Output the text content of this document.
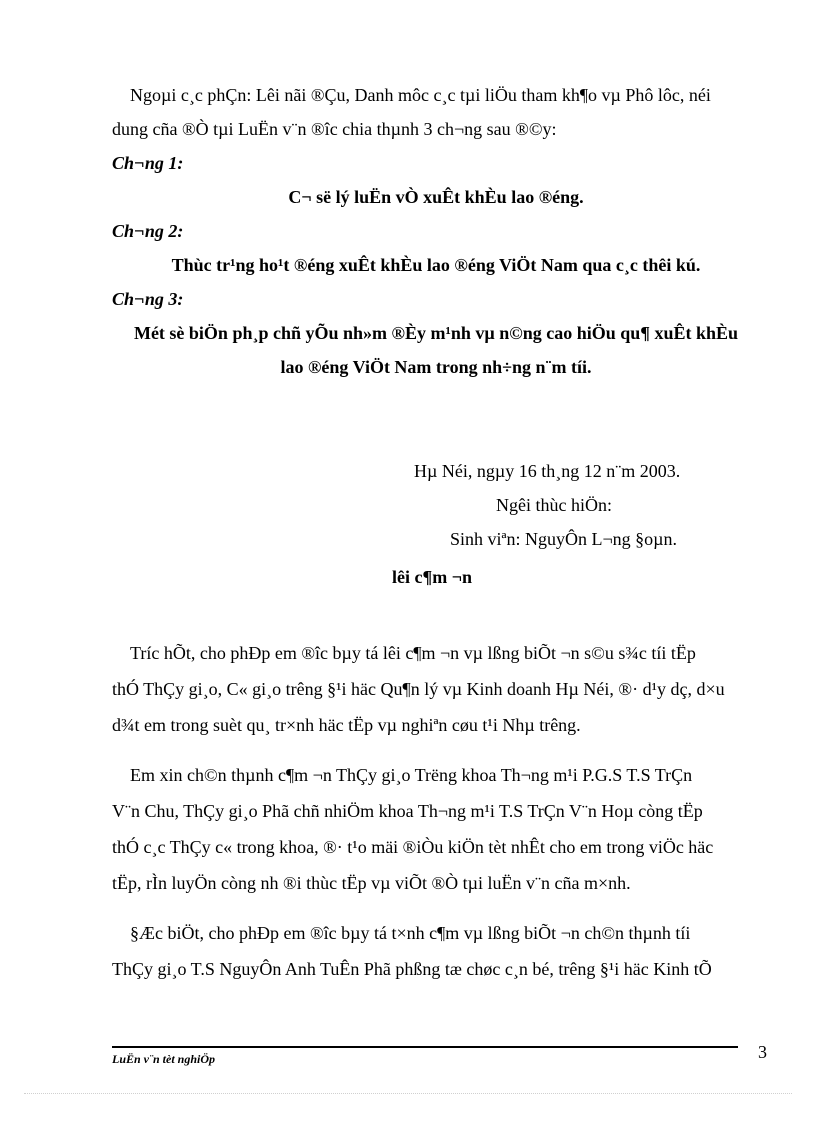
Ngoµi c¸c phÇn: Lêi nãi ®Çu, Danh môc c¸c tµi liÖu tham kh¶o vµ Phô lôc, néi
dung cña ®Ò tµi LuËn v¨n ®îc chia thµnh 3 ch¬ng sau ®©y:
Ch¬ng 1:
C¬ së lý luËn vÒ xuÊt khÈu lao ®éng.
Ch¬ng 2:
Thùc tr¹ng ho¹t ®éng xuÊt khÈu lao ®éng ViÖt Nam qua c¸c thêi kú.
Ch¬ng 3:
Mét sè biÖn ph¸p chñ yÕu nh»m ®Èy m¹nh vµ n©ng cao hiÖu qu¶ xuÊt khÈu
lao ®éng ViÖt Nam trong nh÷ng n¨m tíi.
Hµ Néi, ngµy 16 th¸ng 12 n¨m 2003.
Ngêi thùc hiÖn:
Sinh viªn: NguyÔn L¬ng §oµn.
lêi c¶m ¬n
Tríc hÕt, cho phÐp em ®îc bµy tá lêi c¶m ¬n vµ lßng biÕt ¬n s©u s¾c tíi tËp
thÓ ThÇy gi¸o, C« gi¸o trêng §¹i häc Qu¶n lý vµ Kinh doanh Hµ Néi, ®· d¹y dç, d×u
d¾t em trong suèt qu¸ tr×nh häc tËp vµ nghiªn cøu t¹i Nhµ trêng.
Em xin ch©n thµnh c¶m ¬n ThÇy gi¸o Trëng khoa Th¬ng m¹i P.G.S T.S TrÇn
V¨n Chu, ThÇy gi¸o Phã chñ nhiÖm khoa Th¬ng m¹i T.S TrÇn V¨n Hoµ còng tËp
thÓ c¸c ThÇy c« trong khoa, ®· t¹o mäi ®iÒu kiÖn tèt nhÊt cho em trong viÖc häc
tËp, rÌn luyÖn còng nh ®i thùc tËp vµ viÕt ®Ò tµi luËn v¨n cña m×nh.
§Æc biÖt, cho phÐp em ®îc bµy tá t×nh c¶m vµ lßng biÕt ¬n ch©n thµnh tíi
ThÇy gi¸o T.S NguyÔn Anh TuÊn Phã phßng tæ chøc c¸n bé, trêng §¹i häc Kinh tÕ
LuËn v¨n tèt nghiÖp	3
